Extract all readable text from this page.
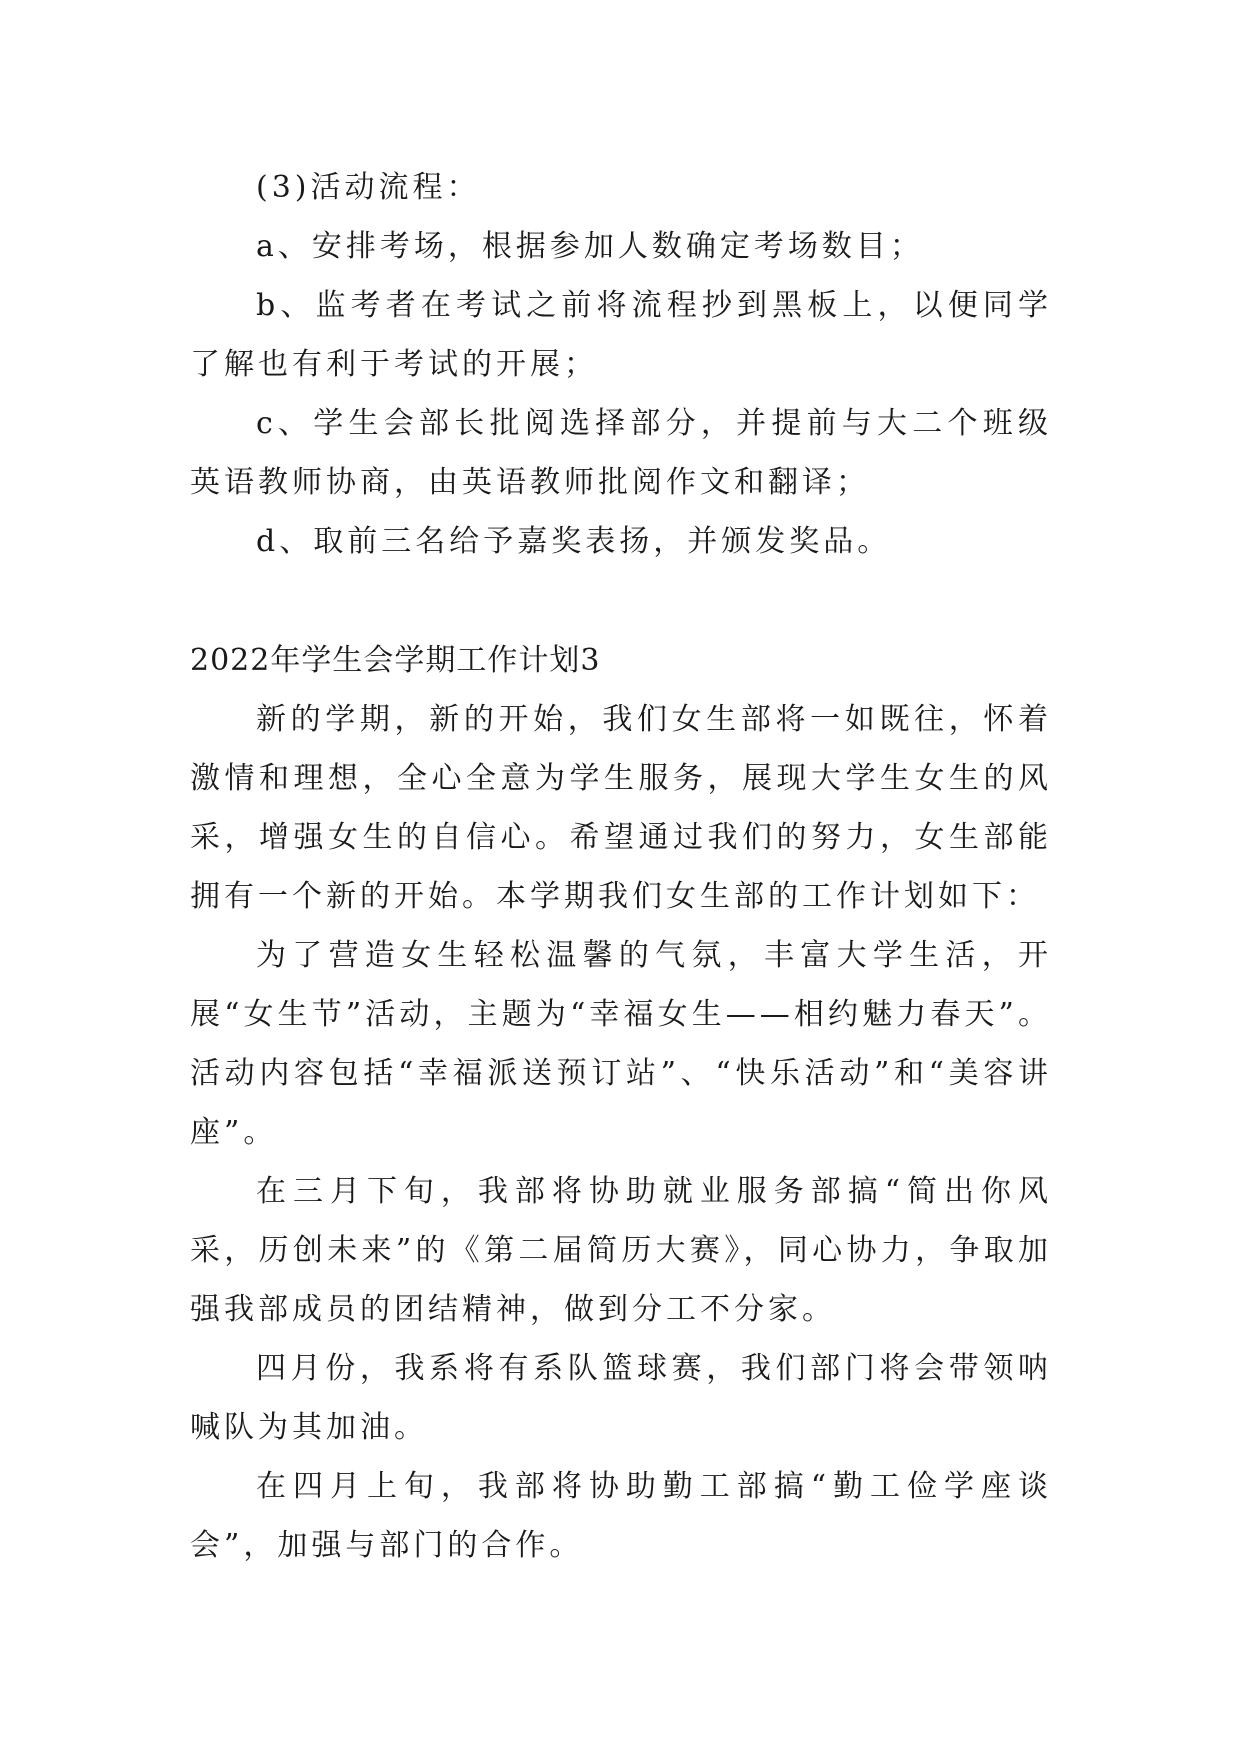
(3)活动流程：

a、安排考场，根据参加人数确定考场数目；

b、监考者在考试之前将流程抄到黑板上，以便同学了解也有利于考试的开展；

c、学生会部长批阅选择部分，并提前与大二个班级英语教师协商，由英语教师批阅作文和翻译；

d、取前三名给予嘉奖表扬，并颁发奖品。

2022年学生会学期工作计划3

新的学期，新的开始，我们女生部将一如既往，怀着激情和理想，全心全意为学生服务，展现大学生女生的风采，增强女生的自信心。希望通过我们的努力，女生部能拥有一个新的开始。本学期我们女生部的工作计划如下：

为了营造女生轻松温馨的气氛，丰富大学生活，开展“女生节”活动，主题为“幸福女生——相约魅力春天”。活动内容包括“幸福派送预订站”、“快乐活动”和“美容讲座”。

在三月下旬，我部将协助就业服务部搞“简出你风采，历创未来”的《第二届简历大赛》，同心协力，争取加强我部成员的团结精神，做到分工不分家。

四月份，我系将有系队篮球赛，我们部门将会带领呐喊队为其加油。

在四月上旬，我部将协助勤工部搞“勤工俭学座谈会”，加强与部门的合作。
